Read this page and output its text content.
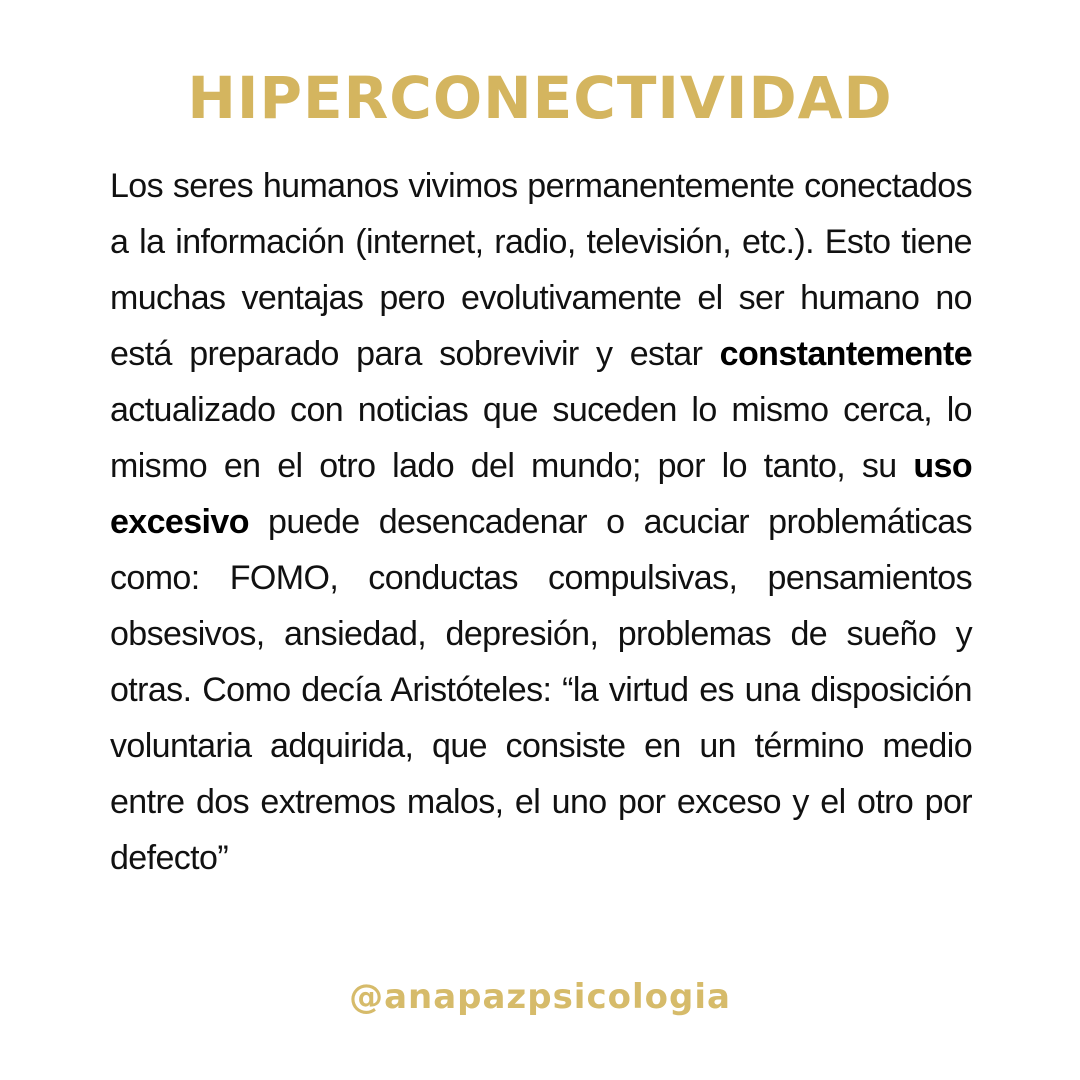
HIPERCONECTIVIDAD

Los seres humanos vivimos permanentemente conectados a la información (internet, radio, televisión, etc.). Esto tiene muchas ventajas pero evolutivamente el ser humano no está preparado para sobrevivir y estar constantemente actualizado con noticias que suceden lo mismo cerca, lo mismo en el otro lado del mundo; por lo tanto, su uso excesivo puede desencadenar o acuciar problemáticas como: FOMO, conductas compulsivas, pensamientos obsesivos, ansiedad, depresión, problemas de sueño y otras. Como decía Aristóteles: “la virtud es una disposición voluntaria adquirida, que consiste en un término medio entre dos extremos malos, el uno por exceso y el otro por defecto”

@anapazpsicologia
